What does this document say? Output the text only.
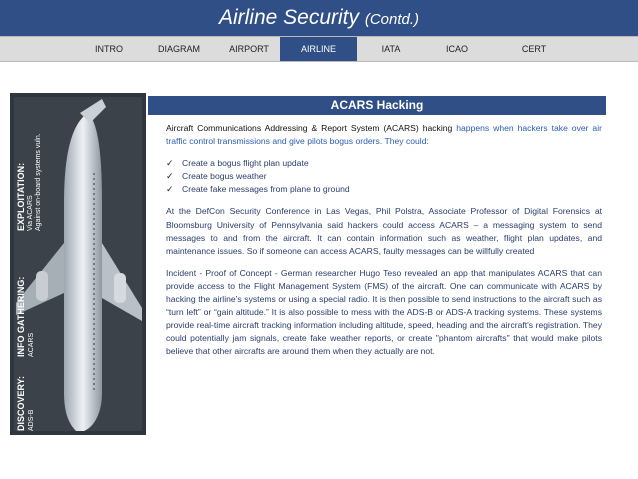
Airline Security (Contd.)
INTRO	DIAGRAM	AIRPORT	AIRLINE	IATA	ICAO	CERT
EXPLOITATION: Via ACARS Against on-board systems vuln.
INFO GATHERING: ACARS
DISCOVERY: ADS-B
ACARS Hacking

Aircraft Communications Addressing & Report System (ACARS) hacking happens when hackers take over air traffic control transmissions and give pilots bogus orders. They could:

✓ Create a bogus flight plan update
✓ Create bogus weather
✓ Create fake messages from plane to ground

At the DefCon Security Conference in Las Vegas, Phil Polstra, Associate Professor of Digital Forensics at Bloomsburg University of Pennsylvania said hackers could access ACARS – a messaging system to send messages to and from the aircraft. It can contain information such as weather, flight plan updates, and maintenance issues. So if someone can access ACARS, faulty messages can be willfully created

Incident - Proof of Concept - German researcher Hugo Teso revealed an app that manipulates ACARS that can provide access to the Flight Management System (FMS) of the aircraft. One can communicate with ACARS by hacking the airline’s systems or using a special radio. It is then possible to send instructions to the aircraft such as “turn left” or “gain altitude.” It is also possible to mess with the ADS-B or ADS-A tracking systems. These systems provide real-time aircraft tracking information including altitude, speed, heading and the aircraft's registration. They could potentially jam signals, create fake weather reports, or create "phantom aircrafts" that would make pilots believe that other aircrafts are around them when they actually are not.
